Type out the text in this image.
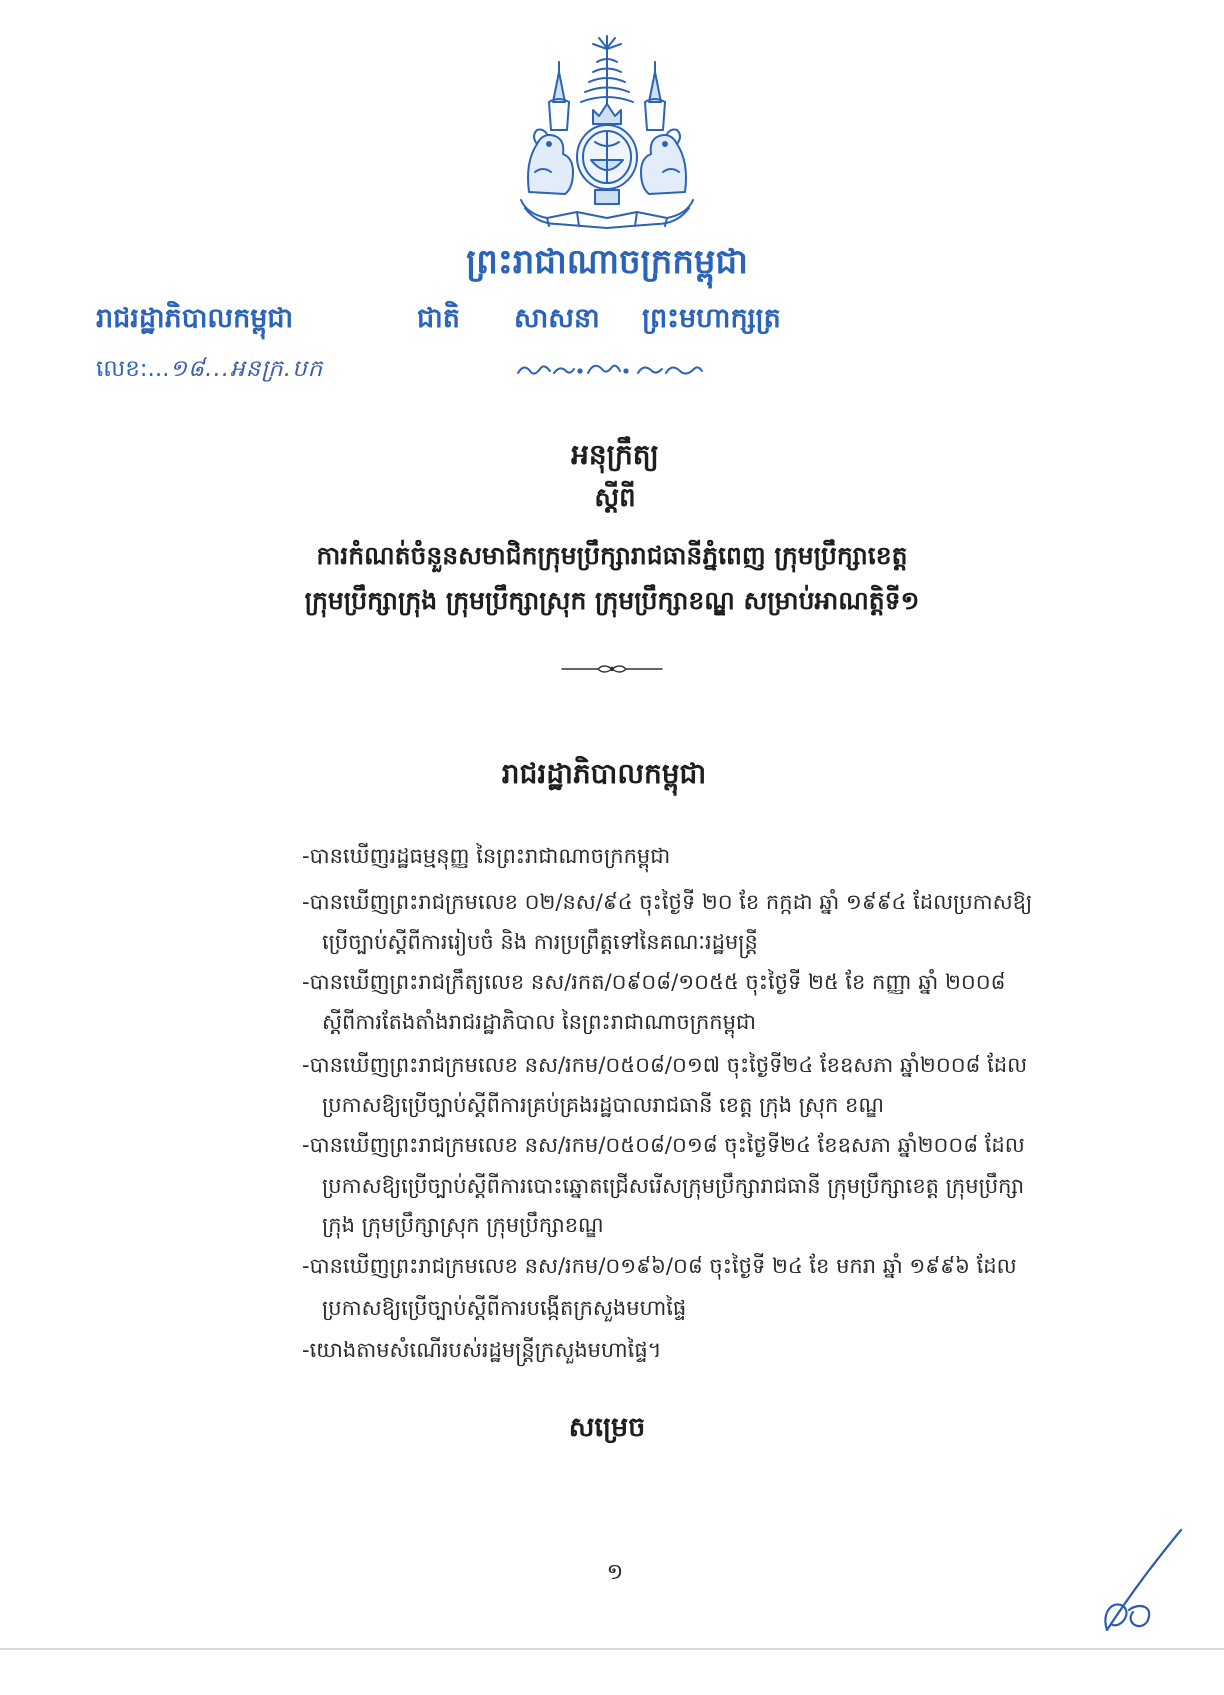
ព្រះរាជាណាចក្រកម្ពុជា
រាជរដ្ឋាភិបាលកម្ពុជា	ជាតិ សាសនា ព្រះមហាក្សត្រ
លេខ:...១៨...អនក្រ.បក
អនុក្រឹត្យ
ស្តីពី
ការកំណត់ចំនួនសមាជិកក្រុមប្រឹក្សារាជធានីភ្នំពេញ ក្រុមប្រឹក្សាខេត្ត
ក្រុមប្រឹក្សាក្រុង ក្រុមប្រឹក្សាស្រុក ក្រុមប្រឹក្សាខណ្ឌ សម្រាប់អាណត្តិទី១
រាជរដ្ឋាភិបាលកម្ពុជា
-បានឃើញរដ្ឋធម្មនុញ្ញ នៃព្រះរាជាណាចក្រកម្ពុជា
-បានឃើញព្រះរាជក្រមលេខ ០២/នស/៩៤ ចុះថ្ងៃទី ២០ ខែ កក្កដា ឆ្នាំ ១៩៩៤ ដែលប្រកាសឱ្យ
ប្រើច្បាប់ស្តីពីការរៀបចំ និង ការប្រព្រឹត្តទៅនៃគណៈរដ្ឋមន្ត្រី
-បានឃើញព្រះរាជក្រឹត្យលេខ នស/រកត/០៩០៨/១០៥៥ ចុះថ្ងៃទី ២៥ ខែ កញ្ញា ឆ្នាំ ២០០៨
ស្តីពីការតែងតាំងរាជរដ្ឋាភិបាល នៃព្រះរាជាណាចក្រកម្ពុជា
-បានឃើញព្រះរាជក្រមលេខ នស/រកម/០៥០៨/០១៧ ចុះថ្ងៃទី២៤ ខែឧសភា ឆ្នាំ២០០៨ ដែល
ប្រកាសឱ្យប្រើច្បាប់ស្តីពីការគ្រប់គ្រងរដ្ឋបាលរាជធានី ខេត្ត ក្រុង ស្រុក ខណ្ឌ
-បានឃើញព្រះរាជក្រមលេខ នស/រកម/០៥០៨/០១៨ ចុះថ្ងៃទី២៤ ខែឧសភា ឆ្នាំ២០០៨ ដែល
ប្រកាសឱ្យប្រើច្បាប់ស្តីពីការបោះឆ្នោតជ្រើសរើសក្រុមប្រឹក្សារាជធានី ក្រុមប្រឹក្សាខេត្ត ក្រុមប្រឹក្សា
ក្រុង ក្រុមប្រឹក្សាស្រុក ក្រុមប្រឹក្សាខណ្ឌ
-បានឃើញព្រះរាជក្រមលេខ នស/រកម/០១៩៦/០៨ ចុះថ្ងៃទី ២៤ ខែ មករា ឆ្នាំ ១៩៩៦ ដែល
ប្រកាសឱ្យប្រើច្បាប់ស្តីពីការបង្កើតក្រសួងមហាផ្ទៃ
-យោងតាមសំណើរបស់រដ្ឋមន្ត្រីក្រសួងមហាផ្ទៃ។
សម្រេច
១
